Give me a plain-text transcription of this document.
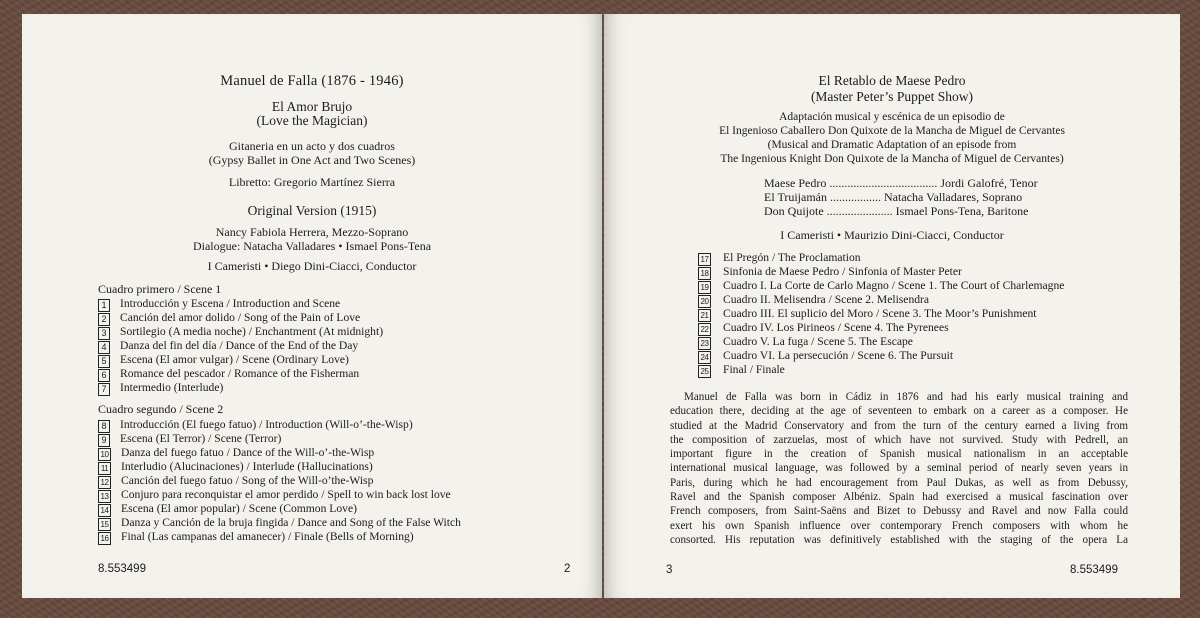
Manuel de Falla (1876 - 1946)
El Amor Brujo
(Love the Magician)
Gitaneria en un acto y dos cuadros
(Gypsy Ballet in One Act and Two Scenes)
Libretto: Gregorio Martínez Sierra
Original Version (1915)
Nancy Fabiola Herrera, Mezzo-Soprano
Dialogue: Natacha Valladares • Ismael Pons-Tena
I Cameristi • Diego Dini-Ciacci, Conductor
Cuadro primero / Scene 1
1 Introducción y Escena / Introduction and Scene
2 Canción del amor dolido / Song of the Pain of Love
3 Sortilegio (A media noche) / Enchantment (At midnight)
4 Danza del fin del día / Dance of the End of the Day
5 Escena (El amor vulgar) / Scene (Ordinary Love)
6 Romance del pescador / Romance of the Fisherman
7 Intermedio (Interlude)
Cuadro segundo / Scene 2
8 Introducción (El fuego fatuo) / Introduction (Will-o’-the-Wisp)
9 Escena (El Terror) / Scene (Terror)
10 Danza del fuego fatuo / Dance of the Will-o’-the-Wisp
11 Interludio (Alucinaciones) / Interlude (Hallucinations)
12 Canción del fuego fatuo / Song of the Will-o’the-Wisp
13 Conjuro para reconquistar el amor perdido / Spell to win back lost love
14 Escena (El amor popular) / Scene (Common Love)
15 Danza y Canción de la bruja fingida / Dance and Song of the False Witch
16 Final (Las campanas del amanecer) / Finale (Bells of Morning)
8.553499	2
El Retablo de Maese Pedro
(Master Peter’s Puppet Show)
Adaptación musical y escénica de un episodio de
El Ingenioso Caballero Don Quixote de la Mancha de Miguel de Cervantes
(Musical and Dramatic Adaptation of an episode from
The Ingenious Knight Don Quixote de la Mancha of Miguel de Cervantes)
Maese Pedro .................................... Jordi Galofré, Tenor
El Truijamán ................. Natacha Valladares, Soprano
Don Quijote ...................... Ismael Pons-Tena, Baritone
I Cameristi • Maurizio Dini-Ciacci, Conductor
17 El Pregón / The Proclamation
18 Sinfonia de Maese Pedro / Sinfonia of Master Peter
19 Cuadro I. La Corte de Carlo Magno / Scene 1. The Court of Charlemagne
20 Cuadro II. Melisendra / Scene 2. Melisendra
21 Cuadro III. El suplicio del Moro / Scene 3. The Moor’s Punishment
22 Cuadro IV. Los Pirineos / Scene 4. The Pyrenees
23 Cuadro V. La fuga / Scene 5. The Escape
24 Cuadro VI. La persecución / Scene 6. The Pursuit
25 Final / Finale
Manuel de Falla was born in Cádiz in 1876 and had his early musical training and
education there, deciding at the age of seventeen to embark on a career as a composer. He
studied at the Madrid Conservatory and from the turn of the century earned a living from
the composition of zarzuelas, most of which have not survived. Study with Pedrell, an
important figure in the creation of Spanish musical nationalism in an acceptable
international musical language, was followed by a seminal period of nearly seven years in
Paris, during which he had encouragement from Paul Dukas, as well as from Debussy,
Ravel and the Spanish composer Albéniz. Spain had exercised a musical fascination over
French composers, from Saint-Saëns and Bizet to Debussy and Ravel and now Falla could
exert his own Spanish influence over contemporary French composers with whom he
consorted. His reputation was definitively established with the staging of the opera La
3	8.553499
